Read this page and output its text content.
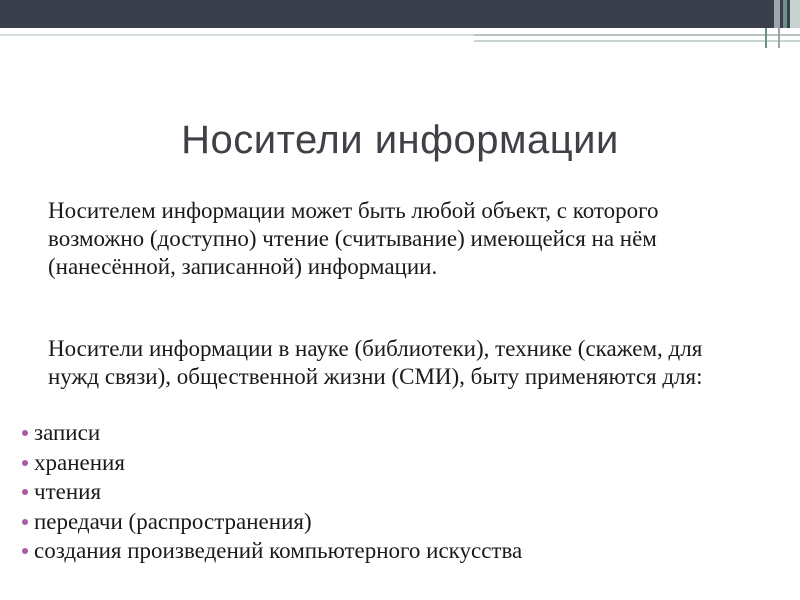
Носители информации
Носителем информации может быть любой объект, с которого возможно (доступно) чтение (считывание) имеющейся на нём (нанесённой, записанной) информации.
Носители информации в науке (библиотеки), технике (скажем, для нужд связи), общественной жизни (СМИ), быту применяются для:
записи
хранения
чтения
передачи (распространения)
создания произведений компьютерного искусства
